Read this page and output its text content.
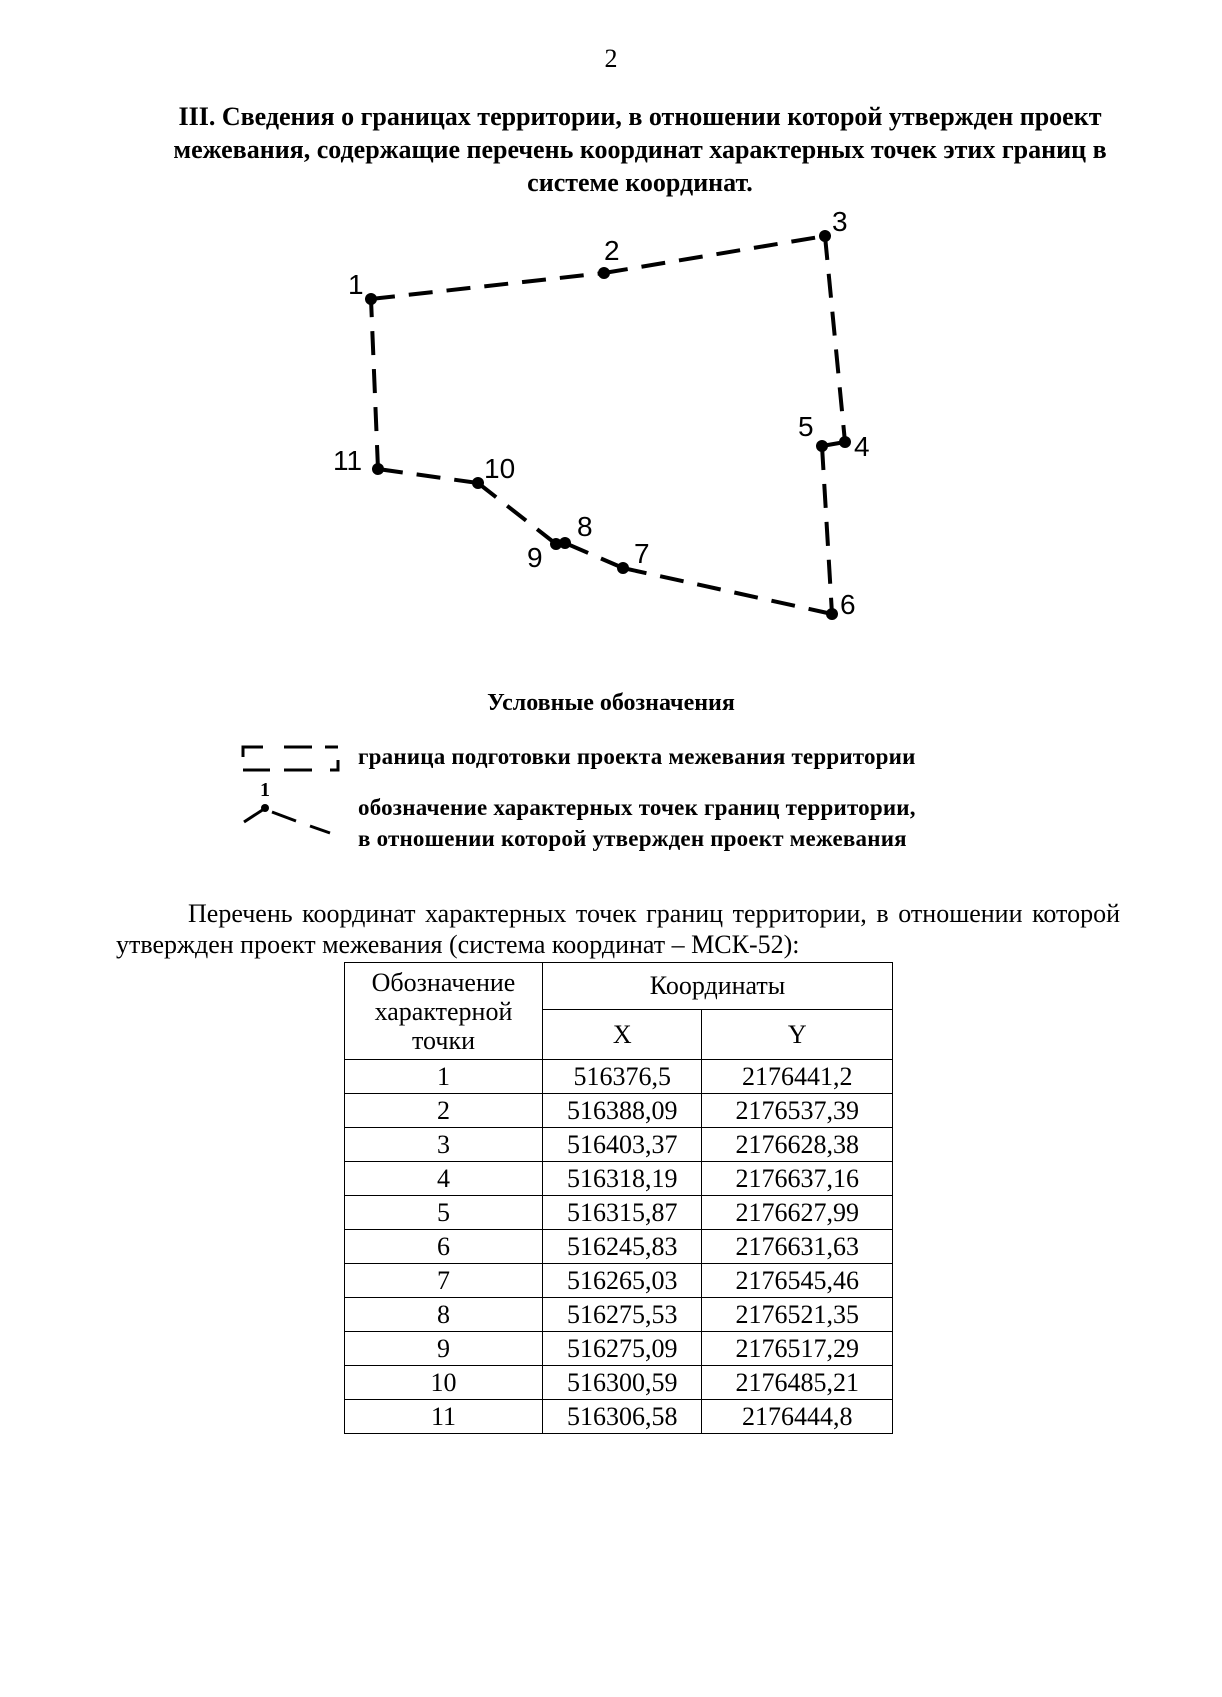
2
III. Сведения о границах территории, в отношении которой утвержден проект межевания, содержащие перечень координат характерных точек этих границ в системе координат.
1
2
3
4
5
6
7
8
9
10
11
1
Условные обозначения
граница подготовки проекта межевания территории
обозначение характерных точек границ территории,
в отношении которой утвержден проект межевания

Перечень координат характерных точек границ территории, в отношении которой утвержден проект межевания (система координат – МСК-52):

Обозначение характерной точки	Координаты	
	X	Y
1	516376,5	2176441,2
2	516388,09	2176537,39
3	516403,37	2176628,38
4	516318,19	2176637,16
5	516315,87	2176627,99
6	516245,83	2176631,63
7	516265,03	2176545,46
8	516275,53	2176521,35
9	516275,09	2176517,29
10	516300,59	2176485,21
11	516306,58	2176444,8
